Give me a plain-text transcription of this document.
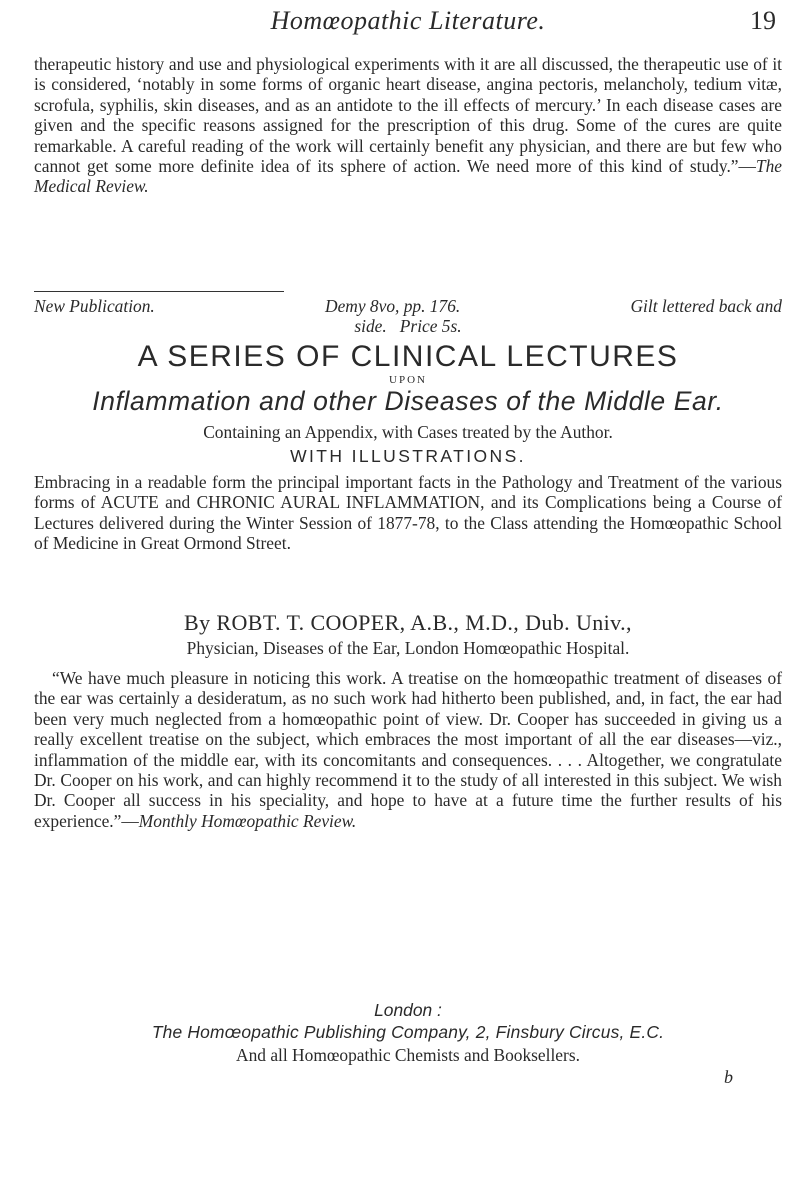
Homœopathic Literature.	19
therapeutic history and use and physiological experiments with it are all discussed, the therapeutic use of it is considered, ‘notably in some forms of organic heart disease, angina pectoris, melancholy, tedium vitæ, scrofula, syphilis, skin diseases, and as an antidote to the ill effects of mercury.’ In each disease cases are given and the specific reasons assigned for the prescription of this drug. Some of the cures are quite remarkable. A careful reading of the work will certainly benefit any physician, and there are but few who cannot get some more definite idea of its sphere of action. We need more of this kind of study.”—The Medical Review.
New Publication.	Demy 8vo, pp. 176.	Gilt lettered back and
side. Price 5s.
A SERIES OF CLINICAL LECTURES
UPON
Inflammation and other Diseases of the Middle Ear.
Containing an Appendix, with Cases treated by the Author.
WITH ILLUSTRATIONS.
Embracing in a readable form the principal important facts in the Pathology and Treatment of the various forms of ACUTE and CHRONIC AURAL INFLAMMATION, and its Complications being a Course of Lectures delivered during the Winter Session of 1877-78, to the Class attending the Homœopathic School of Medicine in Great Ormond Street.
By ROBT. T. COOPER, A.B., M.D., Dub. Univ.,
Physician, Diseases of the Ear, London Homœopathic Hospital.
“We have much pleasure in noticing this work. A treatise on the homœopathic treatment of diseases of the ear was certainly a desideratum, as no such work had hitherto been published, and, in fact, the ear had been very much neglected from a homœopathic point of view. Dr. Cooper has succeeded in giving us a really excellent treatise on the subject, which embraces the most important of all the ear diseases—viz., inflammation of the middle ear, with its concomitants and consequences. . . . Altogether, we congratulate Dr. Cooper on his work, and can highly recommend it to the study of all interested in this subject. We wish Dr. Cooper all success in his speciality, and hope to have at a future time the further results of his experience.”—Monthly Homœopathic Review.
London :
The Homœopathic Publishing Company, 2, Finsbury Circus, E.C.
And all Homœopathic Chemists and Booksellers.
b
